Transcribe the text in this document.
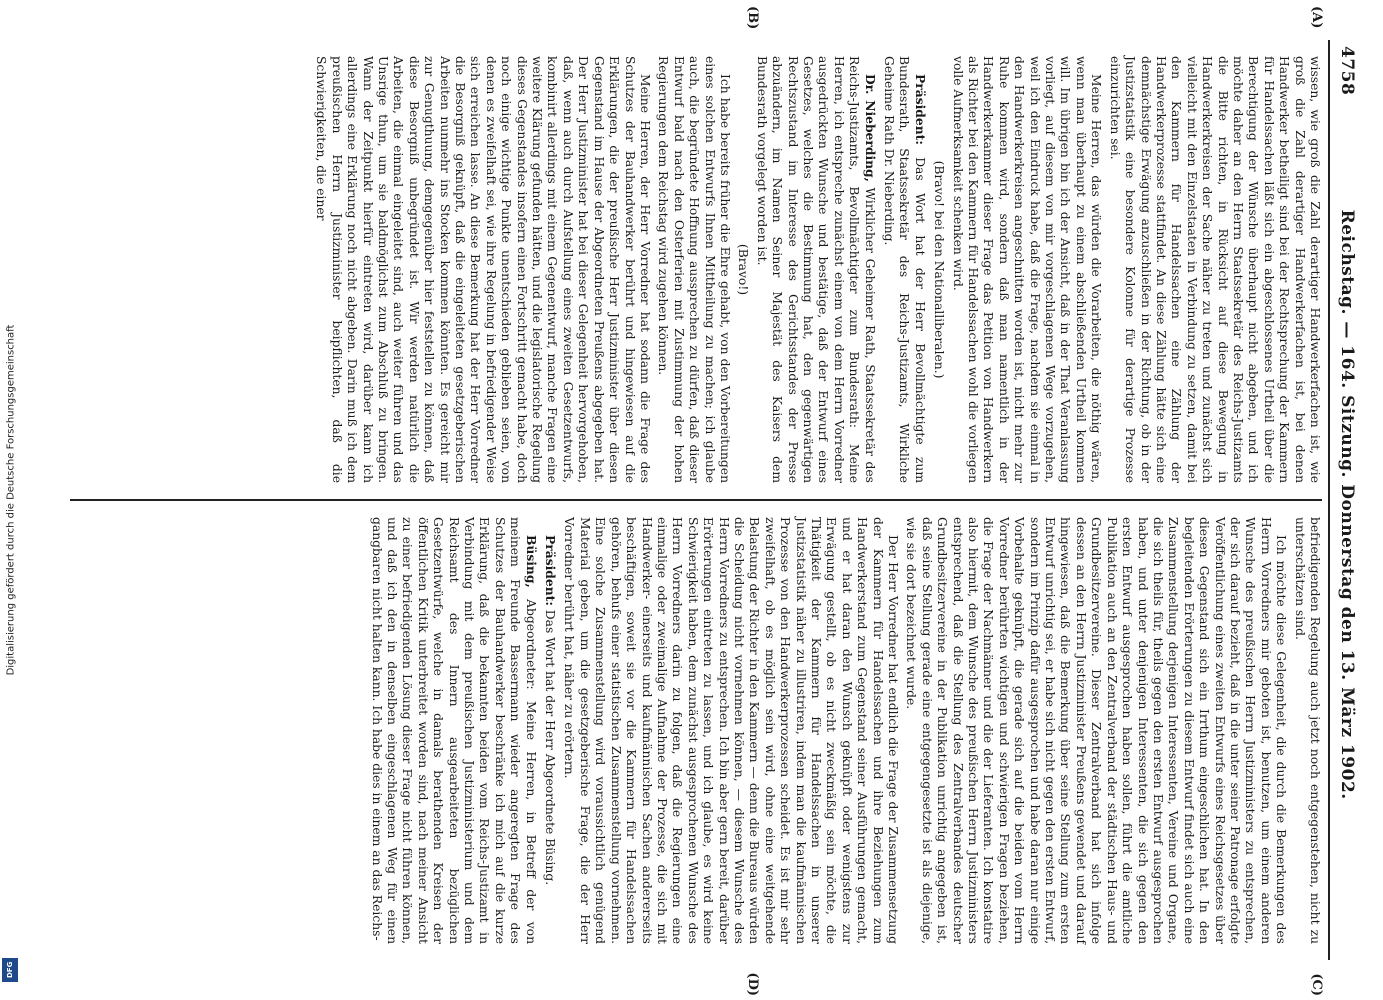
Digitalisierung gefördert durch die Deutsche Forschungsgemeinschaft
DFG
4758
Reichstag. — 164. Sitzung. Donnerstag den 13. März 1902.
(A)
(B)
(C)
(D)

wissen, wie groß die Zahl derartiger Handwerkerfachen ist, wie groß die Zahl derartiger Handwerkerfachen ist, bei denen Handwerker betheiligt sind bei der Rechtsprechung der Kammern für Handelssachen läßt sich ein abgeschlossenes Urtheil über die Berechtigung der Wünsche überhaupt nicht abgeben, und ich möchte daher an den Herrn Staatssekretär des Reichs-Justizamts die Bitte richten, in Rücksicht auf diese Bewegung in Handwerkerkreisen der Sache näher zu treten und zunächst sich vielleicht mit den Einzelstaaten in Verbindung zu setzen, damit bei den Kammern für Handelssachen eine Zählung der Handwerkerprozesse stattfindet. An diese Zählung hätte sich eine demnächstige Erwägung anzuschließen in der Richtung, ob in der Justizstatistik eine besondere Kolonne für derartige Prozesse einzurichten sei.

Meine Herren, das würden die Vorarbeiten, die nöthig wären, wenn man überhaupt zu einem abschließenden Urtheil kommen will. Im übrigen bin ich der Ansicht, daß in der That Veranlassung vorliegt, auf diesem von mir vorgeschlagenen Wege vorzugehen, weil ich den Eindruck habe, daß die Frage, nachdem sie einmal in den Handwerkerkreisen angeschnitten worden ist, nicht mehr zur Ruhe kommen wird, sondern daß man namentlich in der Handwerkerkammer dieser Frage das Petition von Handwerkern als Richter bei den Kammern für Handelssachen wohl die vorliegen volle Aufmerksamkeit schenken wird.

(Bravo! bei den Nationalliberalen.)

Präsident: Das Wort hat der Herr Bevollmächtigte zum Bundesrath, Staatssekretär des Reichs-Justizamts, Wirkliche Geheime Rath Dr. Nieberding.

Dr. Nieberding, Wirklicher Geheimer Rath, Staatssekretär des Reichs-Justizamts, Bevollmächtigter zum Bundesrath: Meine Herren, ich entspreche zunächst einem von dem Herrn Vorredner ausgedrückten Wunsche und bestätige, daß der Entwurf eines Gesetzes, welches die Bestimmung hat, den gegenwärtigen Rechtszustand im Interesse des Gerichtsstandes der Presse abzuändern, im Namen Seiner Majestät des Kaisers dem Bundesrath vorgelegt worden ist.

(Bravo!)

Ich habe bereits früher die Ehre gehabt, von den Vorbereitungen eines solchen Entwurfs Ihnen Mittheilung zu machen; ich glaube auch, die begründete Hoffnung aussprechen zu dürfen, daß dieser Entwurf bald nach den Osterferien mit Zustimmung der hohen Regierungen dem Reichstag wird zugehen können.

Meine Herren, der Herr Vorredner hat sodann die Frage des Schutzes der Bauhandwerker berührt und hingewiesen auf die Erklärungen, die der preußische Herr Justizminister über diesen Gegenstand im Hause der Abgeordneten Preußens abgegeben hat. Der Herr Justizminister hat bei dieser Gelegenheit hervorgehoben, daß, wenn auch durch Aufstellung eines zweiten Gesetzentwurfs, kombinirt allerdings mit einem Gegenentwurf, manche Fragen eine weitere Klärung gefunden hätten, und die legislatorische Regelung dieses Gegenstandes insofern einen Fortschritt gemacht habe, doch noch einige wichtige Punkte unentschieden geblieben seien, von denen es zweifelhaft sei, wie ihre Regelung in befriedigender Weise sich erreichen lasse. An diese Bemerkung hat der Herr Vorredner die Besorgniß geknüpft, daß die eingeleiteten gesetzgeberischen Arbeiten nunmehr ins Stocken kommen könnten. Es gereicht mir zur Genugthuung, demgegenüber hier feststellen zu können, daß diese Besorgniß unbegründet ist. Wir werden natürlich die Arbeiten, die einmal eingeleitet sind, auch weiter führen und das Unsrige thun, um sie baldmöglichst zum Abschluß zu bringen. Wann der Zeitpunkt hierfür eintreten wird, darüber kann ich allerdings eine Erklärung noch nicht abgeben. Darin muß ich dem preußischen Herrn Justizminister beipflichten, daß die Schwierigkeiten, die einer

befriedigenden Regelung auch jetzt noch entgegenstehen, nicht zu unterschätzen sind.

Ich möchte diese Gelegenheit, die durch die Bemerkungen des Herrn Vorredners mir geboten ist, benutzen, um einem anderen Wunsche des preußischen Herrn Justizministers zu entsprechen, der sich darauf bezieht, daß in die unter seiner Patronage erfolgte Veröffentlichung eines zweiten Entwurfs eines Reichsgesetzes über diesen Gegenstand sich ein Irrthum eingeschlichen hat. In den begleitenden Erörterungen zu diesem Entwurf findet sich auch eine Zusammenstellung derjenigen Interessenten, Vereine und Organe, die sich theils für, theils gegen den ersten Entwurf ausgesprochen haben, und unter denjenigen Interessenten, die sich gegen den ersten Entwurf ausgesprochen haben sollen, führt die amtliche Publikation auch an den Zentralverband der städtischen Haus- und Grundbesitzervereine. Dieser Zentralverband hat sich infolge dessen an den Herrn Justizminister Preußens gewendet und darauf hingewiesen, daß die Bemerkung über seine Stellung zum ersten Entwurf unrichtig sei, er habe sich nicht gegen den ersten Entwurf, sondern im Prinzip dafür ausgesprochen und habe daran nur einige Vorbehalte geknüpft, die gerade sich auf die beiden vom Herrn Vorredner berührten wichtigen und schwierigen Fragen beziehen, die Frage der Nachmänner und die der Lieferanten. Ich konstatire also hiermit, dem Wunsche des preußischen Herrn Justizministers entsprechend, daß die Stellung des Zentralverbandes deutscher Grundbesitzervereine in der Publikation unrichtig angegeben ist, daß seine Stellung gerade eine entgegengesetzte ist als diejenige, wie sie dort bezeichnet wurde.

Der Herr Vorredner hat endlich die Frage der Zusammensetzung der Kammern für Handelssachen und ihre Beziehungen zum Handwerkerstand zum Gegenstand seiner Ausführungen gemacht, und er hat daran den Wunsch geknüpft oder wenigstens zur Erwägung gestellt, ob es nicht zweckmäßig sein möchte, die Thätigkeit der Kammern für Handelssachen in unserer Justizstatistik näher zu illustriren, indem man die kaufmännischen Prozesse von den Handwerkerprozessen scheidet. Es ist mir sehr zweifelhaft, ob es möglich sein wird, ohne eine weitgehende Belastung der Richter in den Kammern — denn die Bureaus würden die Scheidung nicht vornehmen können, — diesem Wunsche des Herrn Vorredners zu entsprechen. Ich bin aber gern bereit, darüber Erörterungen eintreten zu lassen, und ich glaube, es wird keine Schwierigkeit haben, dem zunächst ausgesprochenen Wunsche des Herrn Vorredners darin zu folgen, daß die Regierungen eine einmalige oder zweimalige Aufnahme der Prozesse, die sich mit Handwerker- einerseits und kaufmännischen Sachen andererseits beschäftigen, soweit sie vor die Kammern für Handelssachen gehören, behufs einer statistischen Zusammenstellung vornehmen. Eine solche Zusammenstellung wird voraussichtlich genügend Material geben, um die gesetzgeberische Frage, die der Herr Vorredner berührt hat, näher zu erörtern.

Präsident: Das Wort hat der Herr Abgeordnete Büsing.

Büsing, Abgeordneter: Meine Herren, in Betreff der von meinem Freunde Bassermann wieder angeregten Frage des Schutzes der Bauhandwerker beschränke ich mich auf die kurze Erklärung, daß die bekannten beiden vom Reichs-Justizamt in Verbindung mit dem preußischen Justizministerium und dem Reichsamt des Innern ausgearbeiteten bezüglichen Gesetzentwürfe, welche in damals berathenden Kreisen der öffentlichen Kritik unterbreitet worden sind, nach meiner Ansicht zu einer befriedigenden Lösung dieser Frage nicht führen können, und daß ich den in denselben eingeschlagenen Weg für einen gangbaren nicht halten kann. Ich habe dies in einem an das Reichs-
